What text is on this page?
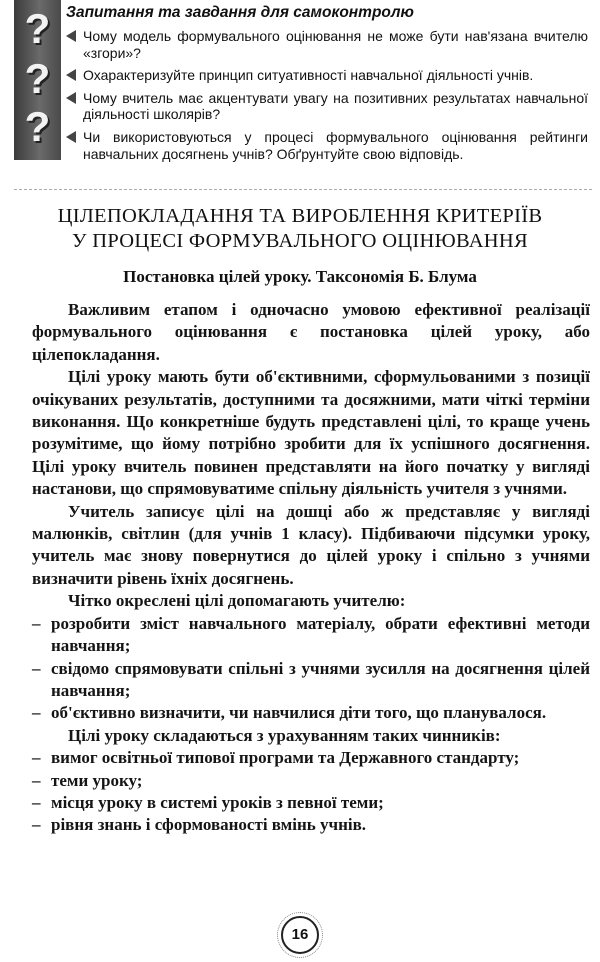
?
?
?
Запитання та завдання для самоконтролю
Чому модель формувального оцінювання не може бути нав'язана вчителю «згори»?
Охарактеризуйте принцип ситуативності навчальної діяльності учнів.
Чому вчитель має акцентувати увагу на позитивних результатах навчальної діяльності школярів?
Чи використовуються у процесі формувального оцінювання рейтинги навчальних досягнень учнів? Обґрунтуйте свою відповідь.
ЦІЛЕПОКЛАДАННЯ ТА ВИРОБЛЕННЯ КРИТЕРІЇВ
У ПРОЦЕСІ ФОРМУВАЛЬНОГО ОЦІНЮВАННЯ
Постановка цілей уроку. Таксономія Б. Блума

Важливим етапом і одночасно умовою ефективної реалізації формувального оцінювання є постановка цілей уроку, або цілепокладання.

Цілі уроку мають бути об'єктивними, сформульованими з позиції очікуваних результатів, доступними та досяжними, мати чіткі терміни виконання. Що конкретніше будуть представлені цілі, то краще учень розумітиме, що йому потрібно зробити для їх успішного досягнення. Цілі уроку вчитель повинен представляти на його початку у вигляді настанови, що спрямовуватиме спільну діяльність учителя з учнями.

Учитель записує цілі на дошці або ж представляє у вигляді малюнків, світлин (для учнів 1 класу). Підбиваючи підсумки уроку, учитель має знову повернутися до цілей уроку і спільно з учнями визначити рівень їхніх досягнень.

Чітко окреслені цілі допомагають учителю:

– розробити зміст навчального матеріалу, обрати ефективні методи навчання;
– свідомо спрямовувати спільні з учнями зусилля на досягнення цілей навчання;
– об'єктивно визначити, чи навчилися діти того, що планувалося.

Цілі уроку складаються з урахуванням таких чинників:

– вимог освітньої типової програми та Державного стандарту;
– теми уроку;
– місця уроку в системі уроків з певної теми;
– рівня знань і сформованості вмінь учнів.
16
